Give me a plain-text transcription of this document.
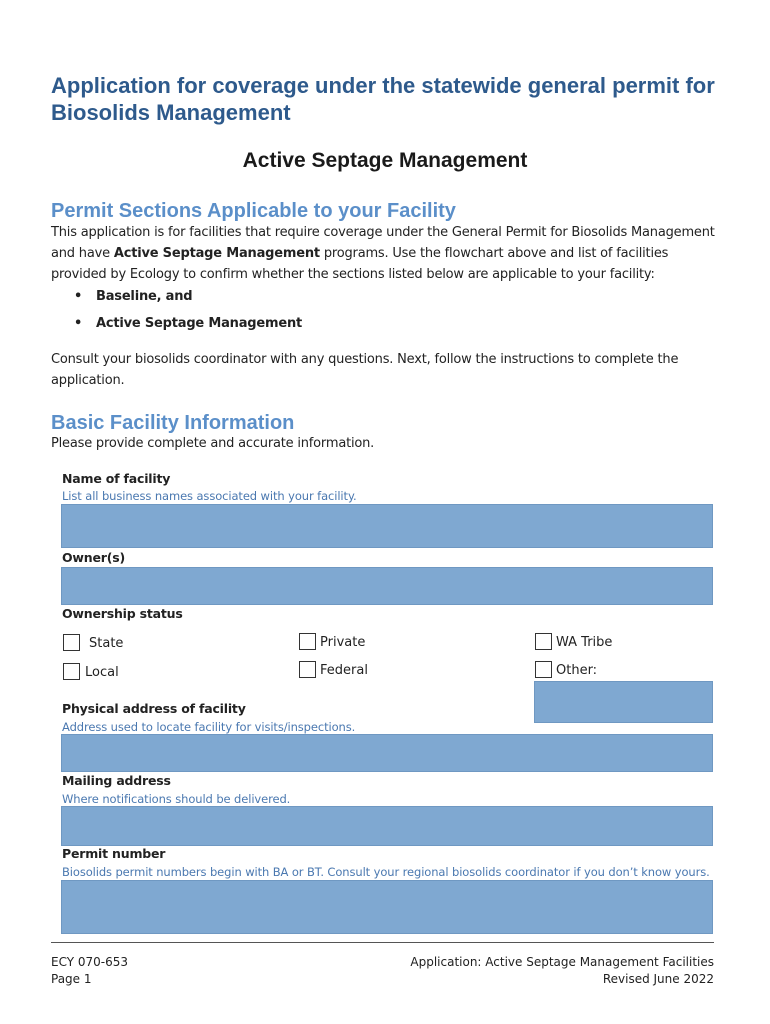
Application for coverage under the statewide general permit for Biosolids Management
Active Septage Management
Permit Sections Applicable to your Facility
This application is for facilities that require coverage under the General Permit for Biosolids Management and have Active Septage Management programs. Use the flowchart above and list of facilities provided by Ecology to confirm whether the sections listed below are applicable to your facility:
• Baseline, and
• Active Septage Management
Consult your biosolids coordinator with any questions. Next, follow the instructions to complete the application.
Basic Facility Information
Please provide complete and accurate information.
Name of facility
List all business names associated with your facility.
Owner(s)
Ownership status
State	Private	WA Tribe
Local	Federal	Other:
Physical address of facility
Address used to locate facility for visits/inspections.
Mailing address
Where notifications should be delivered.
Permit number
Biosolids permit numbers begin with BA or BT. Consult your regional biosolids coordinator if you don’t know yours.
ECY 070-653
Page 1
Application: Active Septage Management Facilities
Revised June 2022
